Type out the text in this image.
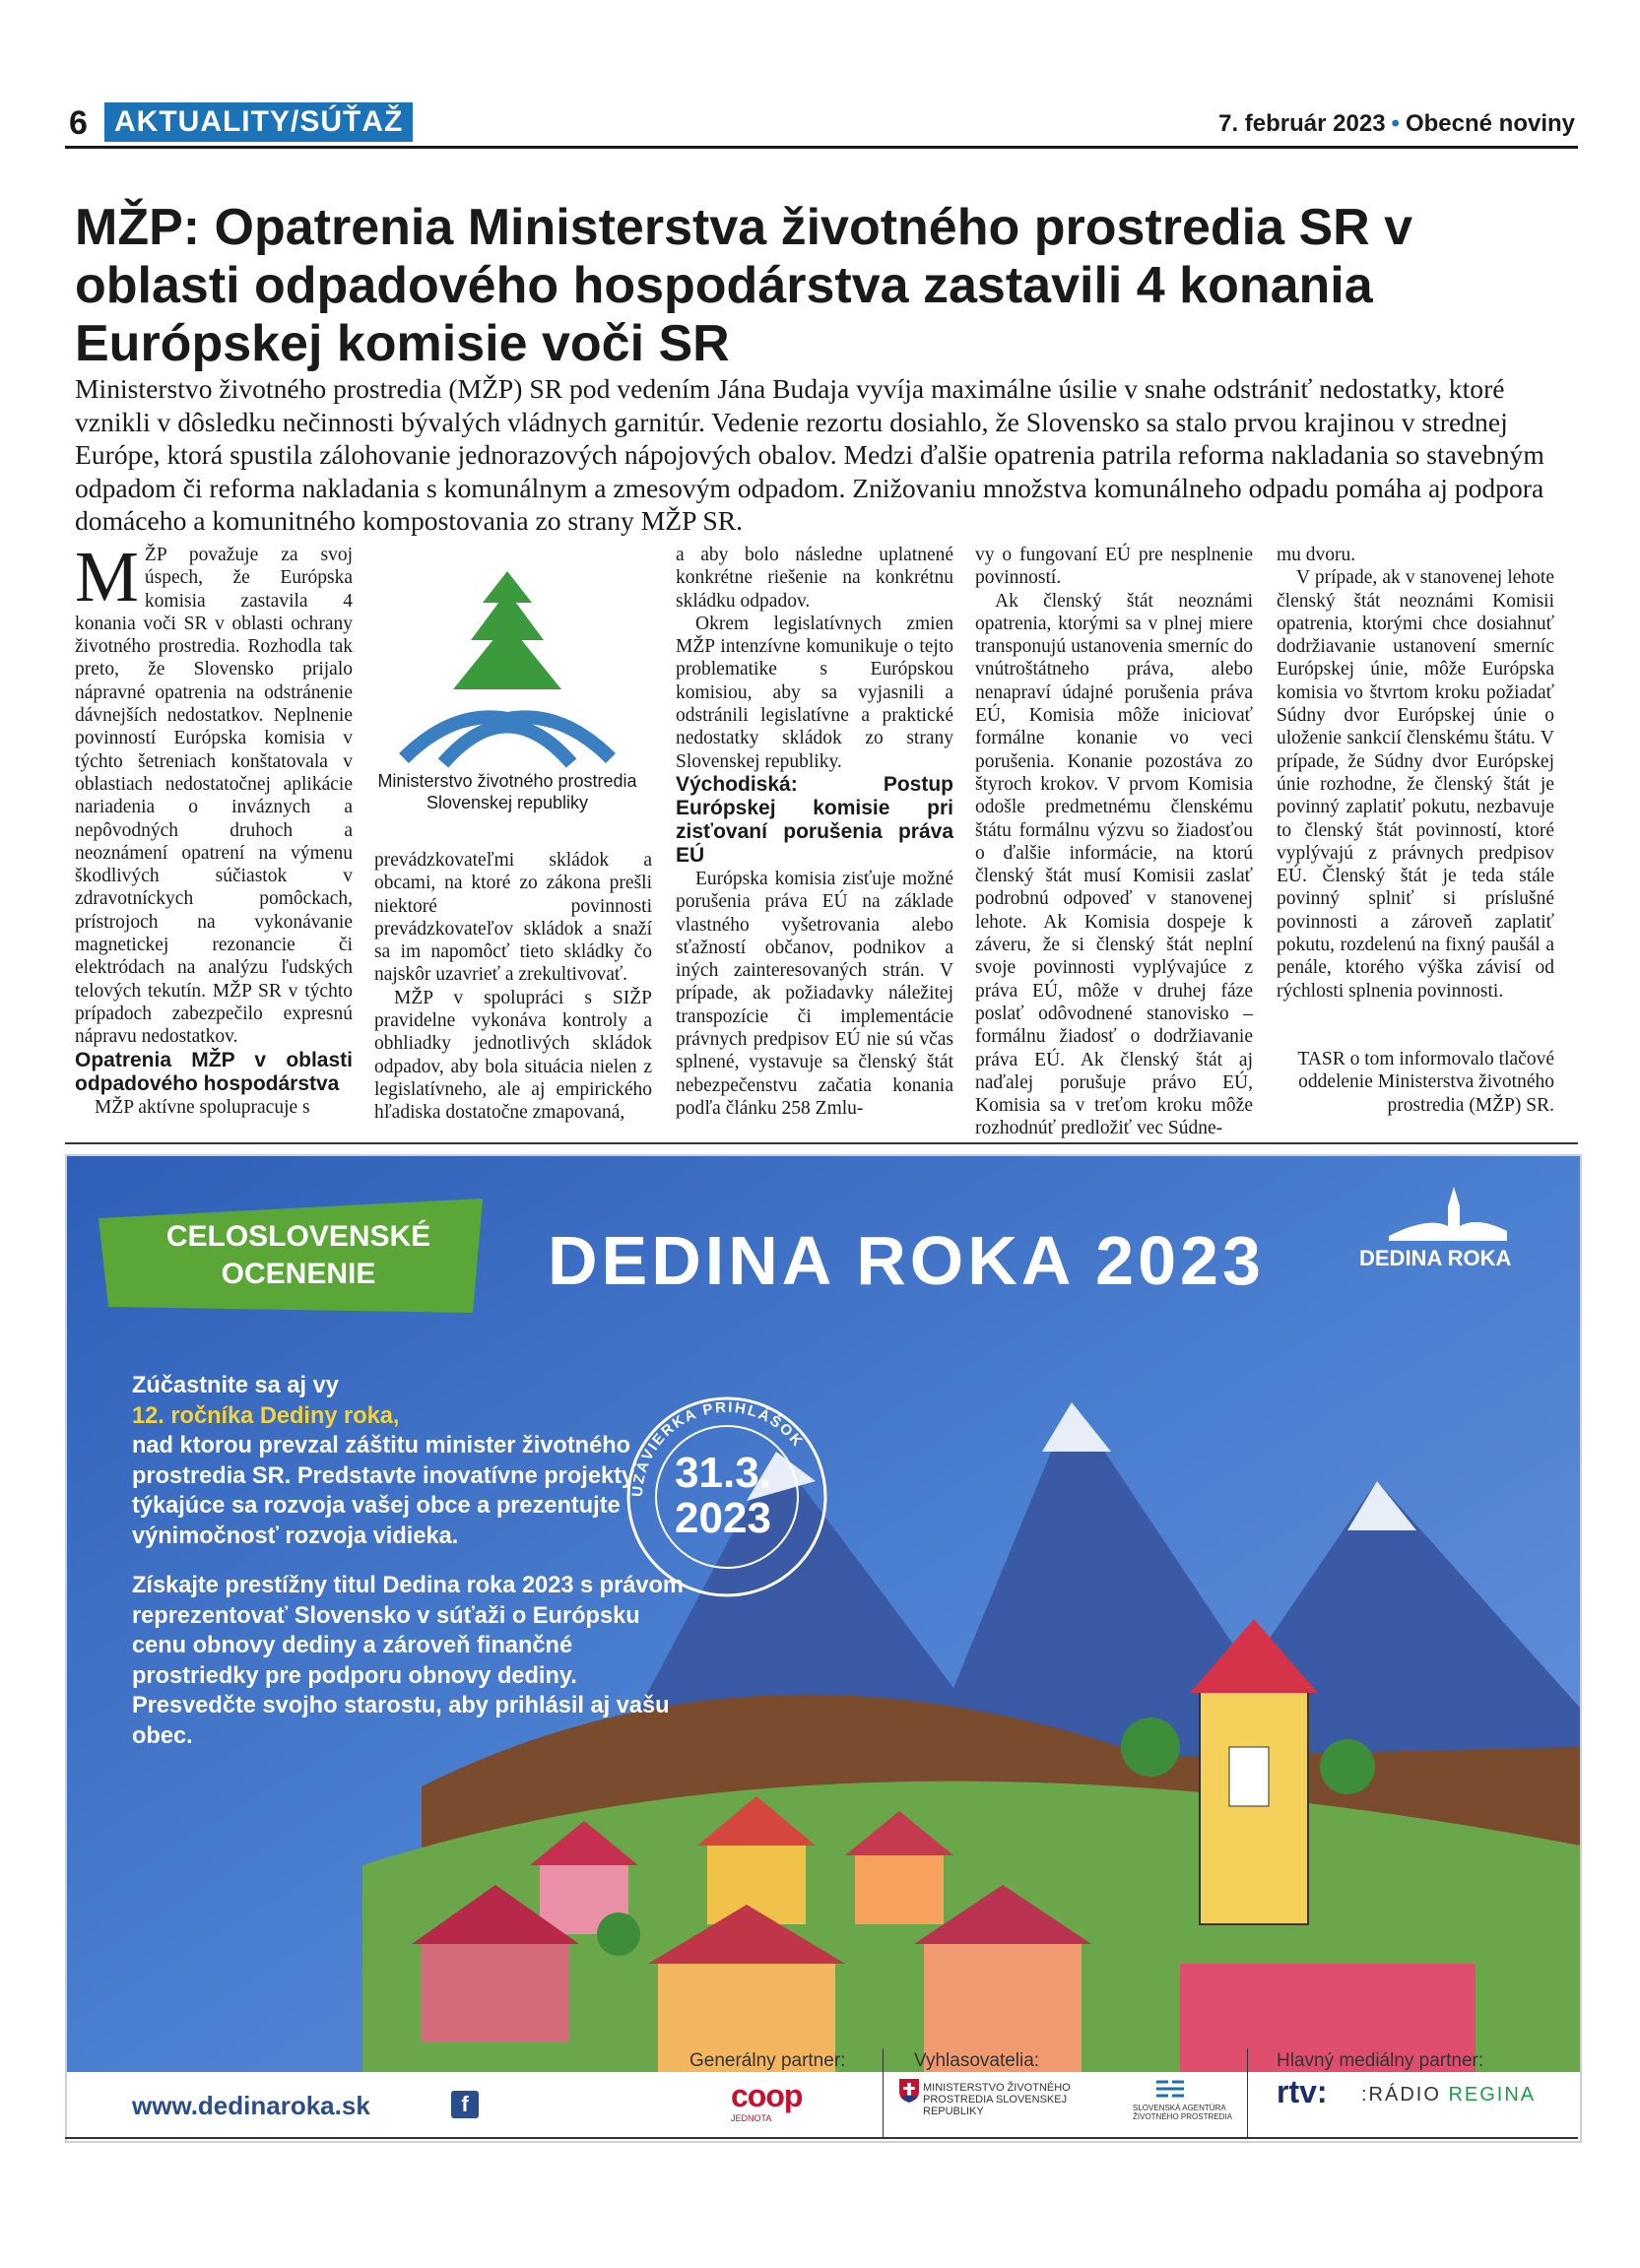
6 AKTUALITY/SÚŤAŽ	7. február 2023 • Obecné noviny
MŽP: Opatrenia Ministerstva životného prostredia SR v oblasti odpadového hospodárstva zastavili 4 konania Európskej komisie voči SR

Ministerstvo životného prostredia (MŽP) SR pod vedením Jána Budaja vyvíja maximálne úsilie v snahe odstrániť nedostatky, ktoré vznikli v dôsledku nečinnosti bývalých vládnych garnitúr. Vedenie rezortu dosiahlo, že Slovensko sa stalo prvou krajinou v strednej Európe, ktorá spustila zálohovanie jednorazových nápojových obalov. Medzi ďalšie opatrenia patrila reforma nakladania so stavebným odpadom či reforma nakladania s komunálnym a zmesovým odpadom. Znižovaniu množstva komunálneho odpadu pomáha aj podpora domáceho a komunitného kompostovania zo strany MŽP SR.

MŽP považuje za svoj úspech, že Európska komisia zastavila 4 konania voči SR v oblasti ochrany životného prostredia. Rozhodla tak preto, že Slovensko prijalo nápravné opatrenia na odstránenie dávnejších nedostatkov. Neplnenie povinností Európska komisia v týchto šetreniach konštatovala v oblastiach nedostatočnej aplikácie nariadenia o inváznych a nepôvodných druhoch a neoznámení opatrení na výmenu škodlivých súčiastok v zdravotníckych pomôckach, prístrojoch na vykonávanie magnetickej rezonancie či elektródach na analýzu ľudských telových tekutín. MŽP SR v týchto prípadoch zabezpečilo expresnú nápravu nedostatkov.

Opatrenia MŽP v oblasti odpadového hospodárstva

MŽP aktívne spolupracuje s

Ministerstvo životného prostredia Slovenskej republiky

prevádzkovateľmi skládok a obcami, na ktoré zo zákona prešli niektoré povinnosti prevádzkovateľov skládok a snaží sa im napomôcť tieto skládky čo najskôr uzavrieť a zrekultivovať.

MŽP v spolupráci s SIŽP pravidelne vykonáva kontroly a obhliadky jednotlivých skládok odpadov, aby bola situácia nielen z legislatívneho, ale aj empirického hľadiska dostatočne zmapovaná,

a aby bolo následne uplatnené konkrétne riešenie na konkrétnu skládku odpadov.

Okrem legislatívnych zmien MŽP intenzívne komunikuje o tejto problematike s Európskou komisiou, aby sa vyjasnili a odstránili legislatívne a praktické nedostatky skládok zo strany Slovenskej republiky.

Východiská: Postup Európskej komisie pri zisťovaní porušenia práva EÚ

Európska komisia zisťuje možné porušenia práva EÚ na základe vlastného vyšetrovania alebo sťažností občanov, podnikov a iných zainteresovaných strán. V prípade, ak požiadavky náležitej transpozície či implementácie právnych predpisov EÚ nie sú včas splnené, vystavuje sa členský štát nebezpečenstvu začatia konania podľa článku 258 Zmlu-

vy o fungovaní EÚ pre nesplnenie povinností.

Ak členský štát neoznámi opatrenia, ktorými sa v plnej miere transponujú ustanovenia smerníc do vnútroštátneho práva, alebo nenapraví údajné porušenia práva EÚ, Komisia môže iniciovať formálne konanie vo veci porušenia. Konanie pozostáva zo štyroch krokov. V prvom Komisia odošle predmetnému členskému štátu formálnu výzvu so žiadosťou o ďalšie informácie, na ktorú členský štát musí Komisii zaslať podrobnú odpoveď v stanovenej lehote. Ak Komisia dospeje k záveru, že si členský štát neplní svoje povinnosti vyplývajúce z práva EÚ, môže v druhej fáze poslať odôvodnené stanovisko – formálnu žiadosť o dodržiavanie práva EÚ. Ak členský štát aj naďalej porušuje právo EÚ, Komisia sa v treťom kroku môže rozhodnúť predložiť vec Súdne-

mu dvoru.

V prípade, ak v stanovenej lehote členský štát neoznámi Komisii opatrenia, ktorými chce dosiahnuť dodržiavanie ustanovení smerníc Európskej únie, môže Európska komisia vo štvrtom kroku požiadať Súdny dvor Európskej únie o uloženie sankcií členskému štátu. V prípade, že Súdny dvor Európskej únie rozhodne, že členský štát je povinný zaplatiť pokutu, nezbavuje to členský štát povinností, ktoré vyplývajú z právnych predpisov EÚ. Členský štát je teda stále povinný splniť si príslušné povinnosti a zároveň zaplatiť pokutu, rozdelenú na fixný paušál a penále, ktorého výška závisí od rýchlosti splnenia povinnosti.

TASR o tom informovalo tlačové oddelenie Ministerstva životného prostredia (MŽP) SR.

CELOSLOVENSKÉ OCENENIE	DEDINA ROKA 2023	DEDINA ROKA

Zúčastnite sa aj vy
12. ročníka Dediny roka,
nad ktorou prevzal záštitu minister životného prostredia SR. Predstavte inovatívne projekty týkajúce sa rozvoja vašej obce a prezentujte výnimočnosť rozvoja vidieka.

Získajte prestížny titul Dedina roka 2023 s právom reprezentovať Slovensko v súťaži o Európsku cenu obnovy dediny a zároveň finančné prostriedky pre podporu obnovy dediny. Presvedčte svojho starostu, aby prihlásil aj vašu obec.

UZÁVIERKA PRIHLÁŠOK
31.3.
2023
www.dedinaroka.sk	f
Generálny partner:
coop
JEDNOTA
Vyhlasovatelia:
MINISTERSTVO ŽIVOTNÉHO PROSTREDIA SLOVENSKEJ REPUBLIKY	SLOVENSKÁ AGENTÚRA ŽIVOTNÉHO PROSTREDIA
Hlavný mediálny partner:
rtv: :RÁDIO REGINA
